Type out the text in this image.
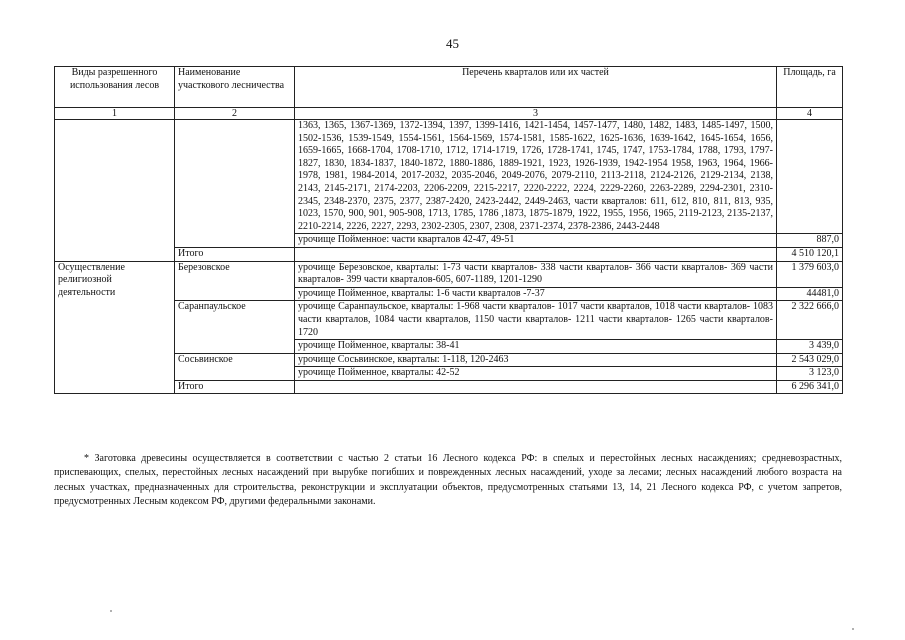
45
Виды разрешенного использования лесов	Наименование участкового лесничества	Перечень кварталов или их частей	Площадь, га
1	2	3	4
		1363, 1365, 1367-1369, 1372-1394, 1397, 1399-1416, 1421-1454, 1457-1477, 1480, 1482, 1483, 1485-1497, 1500, 1502-1536, 1539-1549, 1554-1561, 1564-1569, 1574-1581, 1585-1622, 1625-1636, 1639-1642, 1645-1654, 1656, 1659-1665, 1668-1704, 1708-1710, 1712, 1714-1719, 1726, 1728-1741, 1745, 1747, 1753-1784, 1788, 1793, 1797-1827, 1830, 1834-1837, 1840-1872, 1880-1886, 1889-1921, 1923, 1926-1939, 1942-1954 1958, 1963, 1964, 1966-1978, 1981, 1984-2014, 2017-2032, 2035-2046, 2049-2076, 2079-2110, 2113-2118, 2124-2126, 2129-2134, 2138, 2143, 2145-2171, 2174-2203, 2206-2209, 2215-2217, 2220-2222, 2224, 2229-2260, 2263-2289, 2294-2301, 2310-2345, 2348-2370, 2375, 2377, 2387-2420, 2423-2442, 2449-2463, части кварталов: 611, 612, 810, 811, 813, 935, 1023, 1570, 900, 901, 905-908, 1713, 1785, 1786 ,1873, 1875-1879, 1922, 1955, 1956, 1965, 2119-2123, 2135-2137, 2210-2214, 2226, 2227, 2293, 2302-2305, 2307, 2308, 2371-2374, 2378-2386, 2443-2448	
		урочище Пойменное: части кварталов 42-47, 49-51	887,0
	Итого		4 510 120,1
Осуществление религиозной деятельности	Березовское	урочище Березовское, кварталы: 1-73 части кварталов- 338 части кварталов- 366 части кварталов- 369 части кварталов- 399 части кварталов-605, 607-1189, 1201-1290	1 379 603,0
		урочище Пойменное, кварталы: 1-6 части кварталов -7-37	44481,0
	Саранпаульское	урочище Саранпаульское, кварталы: 1-968 части кварталов- 1017 части кварталов, 1018 части кварталов- 1083 части кварталов, 1084 части кварталов, 1150 части кварталов- 1211 части кварталов- 1265 части кварталов- 1720	2 322 666,0
		урочище Пойменное, кварталы: 38-41	3 439,0
	Сосьвинское	урочище Сосьвинское, кварталы: 1-118, 120-2463	2 543 029,0
		урочище Пойменное, кварталы: 42-52	3 123,0
	Итого		6 296 341,0
* Заготовка древесины осуществляется в соответствии с частью 2 статьи 16 Лесного кодекса РФ: в спелых и перестойных лесных насаждениях; средневозрастных, приспевающих, спелых, перестойных лесных насаждений при вырубке погибших и поврежденных лесных насаждений, уходе за лесами; лесных насаждений любого возраста на лесных участках, предназначенных для строительства, реконструкции и эксплуатации объектов, предусмотренных статьями 13, 14, 21 Лесного кодекса РФ, с учетом запретов, предусмотренных Лесным кодексом РФ, другими федеральными законами.
